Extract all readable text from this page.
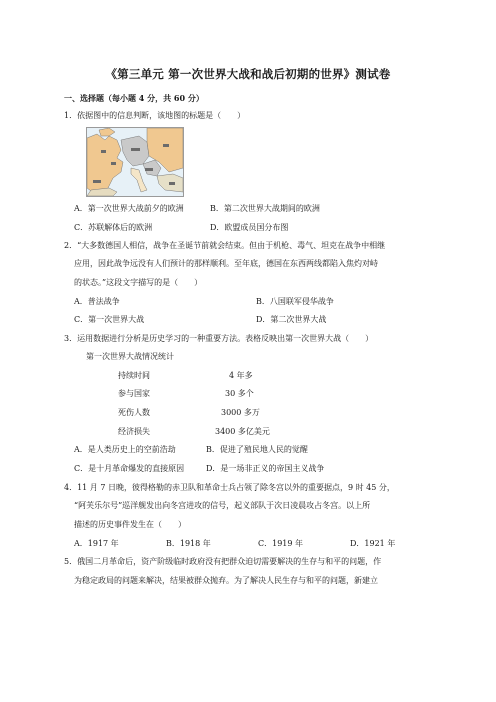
《第三单元 第一次世界大战和战后初期的世界》测试卷
一、选择题（每小题 4 分，共 60 分）
1．依据图中的信息判断，该地图的标题是（　　）
A．第一次世界大战前夕的欧洲	B．第二次世界大战期间的欧洲
C．苏联解体后的欧洲	D．欧盟成员国分布图
2．“大多数德国人相信，战争在圣诞节前就会结束。但由于机枪、毒气、坦克在战争中相继
应用，因此战争远没有人们预计的那样顺利。至年底，德国在东西两线都陷入焦灼对峙
的状态。”这段文字描写的是（　　）
A．普法战争	B．八国联军侵华战争
C．第一次世界大战	D．第二次世界大战
3．运用数据进行分析是历史学习的一种重要方法。表格反映出第一次世界大战（　　）
第一次世界大战情况统计
持续时间	4 年多
参与国家	30 多个
死伤人数	3000 多万
经济损失	3400 多亿美元
A．是人类历史上的空前浩劫	B．促进了殖民地人民的觉醒
C．是十月革命爆发的直接原因	D．是一场非正义的帝国主义战争
4．11 月 7 日晚，彼得格勒的赤卫队和革命士兵占领了除冬宫以外的重要据点，9 时 45 分，
“阿芙乐尔号”巡洋舰发出向冬宫进攻的信号，起义部队于次日凌晨攻占冬宫。以上所
描述的历史事件发生在（　　）
A．1917 年	B．1918 年	C．1919 年	D．1921 年
5．俄国二月革命后，资产阶级临时政府没有把群众迫切需要解决的生存与和平的问题，作
为稳定政局的问题来解决，结果被群众抛弃。为了解决人民生存与和平的问题，新建立
